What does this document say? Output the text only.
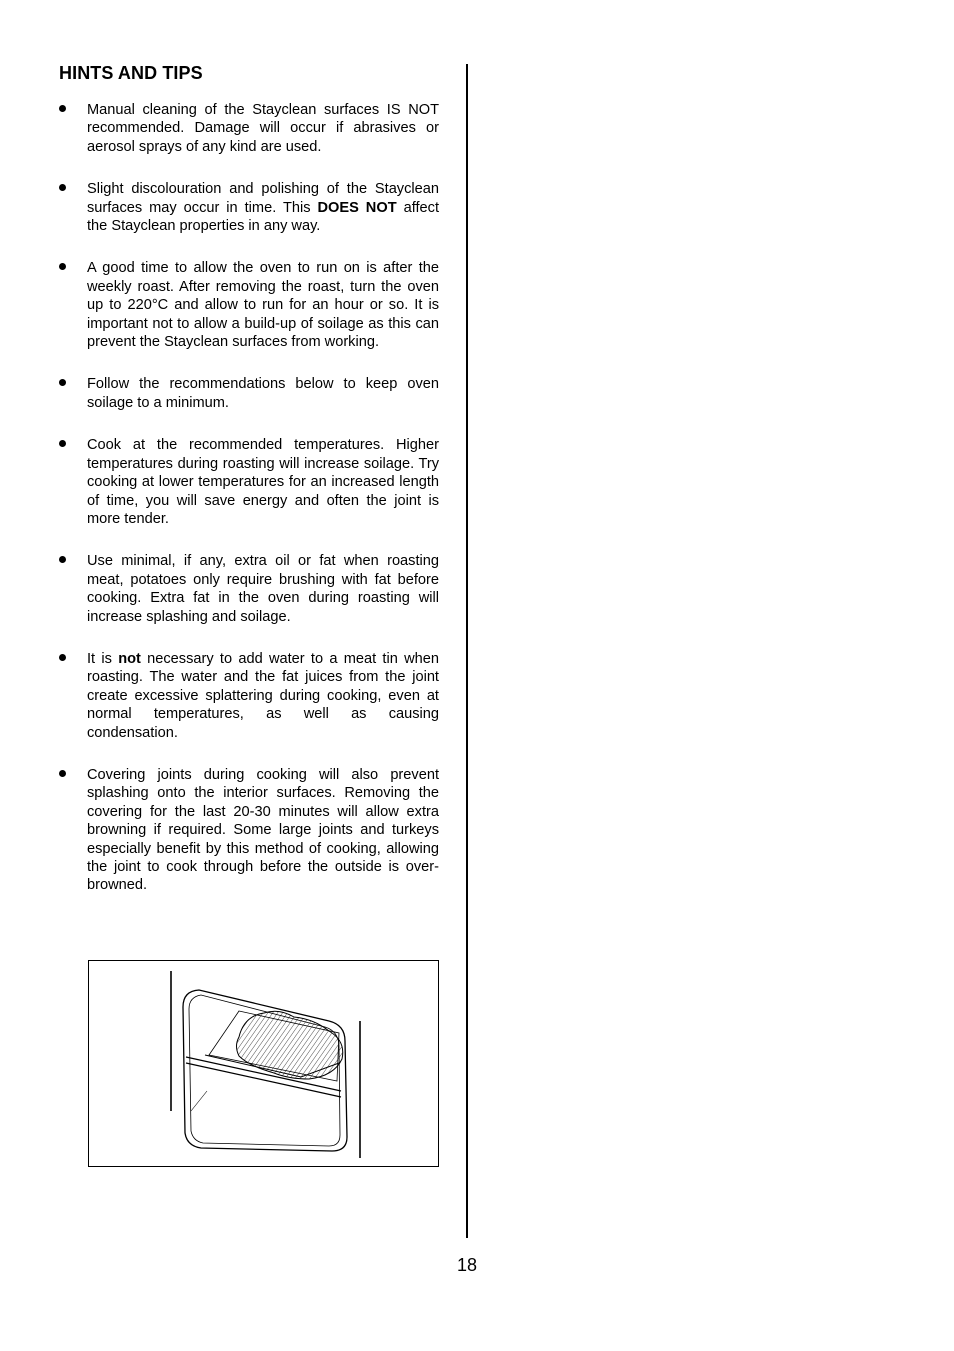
HINTS AND TIPS
Manual cleaning of the Stayclean surfaces IS NOT recommended. Damage will occur if abrasives or aerosol sprays of any kind are used.
Slight discolouration and polishing of the Stayclean surfaces may occur in time. This DOES NOT affect the Stayclean properties in any way.
A good time to allow the oven to run on is after the weekly roast. After removing the roast, turn the oven up to 220°C and allow to run for an hour or so. It is important not to allow a build-up of soilage as this can prevent the Stayclean surfaces from working.
Follow the recommendations below to keep oven soilage to a minimum.
Cook at the recommended temperatures. Higher temperatures during roasting will increase soilage. Try cooking at lower temperatures for an increased length of time, you will save energy and often the joint is more tender.
Use minimal, if any, extra oil or fat when roasting meat, potatoes only require brushing with fat before cooking. Extra fat in the oven during roasting will increase splashing and soilage.
It is not necessary to add water to a meat tin when roasting. The water and the fat juices from the joint create excessive splattering during cooking, even at normal temperatures, as well as causing condensation.
Covering joints during cooking will also prevent splashing onto the interior surfaces. Removing the covering for the last 20-30 minutes will allow extra browning if required. Some large joints and turkeys especially benefit by this method of cooking, allowing the joint to cook through before the outside is over-browned.
18
